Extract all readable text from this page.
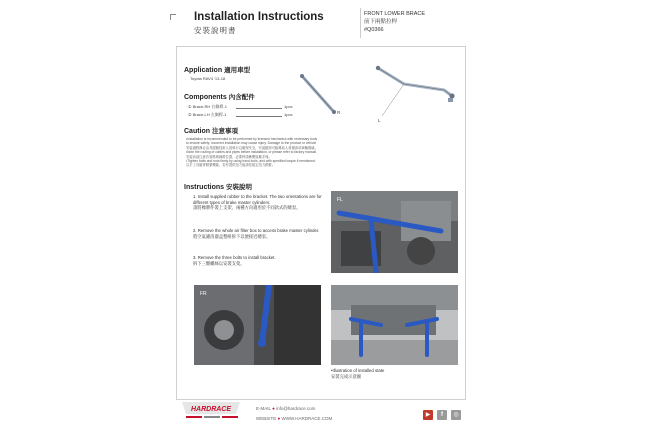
Installation Instructions
安裝說明書
FRONT LOWER BRACE
前下兩點拉桿
#Q0366
Application 適用車型
Toyota RAV4 '13-18
Components 內含配件
① Brace-RH 右側桿-1	1pcs
② Brace-LH 左側桿-1	1pcs	R
L
Caution 注意事項
•Installation is recommended to be performed by licensed mechanics with necessary tools
to ensure safety. Incorrect installation may cause injury. Damage to the product or vehicle
安裝過程務必由具經驗技術人員執行以確保安全，安裝錯誤可能導致人員傷害或車輛損壞。
•Note the routing of cables and pipes before installation, or please refer to factory manual.
安裝前請注意各管路與線路位置，必要時請參閱原廠手冊。
•Tighten bolts and nuts firmly by using hand tools, and with specified torque if mentioned.
以手工具確實鎖緊螺絲，若有提供扭力值請依規定扭力鎖緊。
Instructions 安裝說明
1. Install supplied rubber to the bracket. The two orientations are for different types of brake master cylinders.
請將橡膠件裝上支架，兩種方向適用於不同款式的總泵。
2. Remove the whole air filter box to access brake master cylinder.
將空氣濾清器盒整組拆下以便接近總泵。
3. Remove the three bolts to install bracket.
拆下三顆螺絲以安裝支架。
FL
FR
•Illustration of installed state
安裝完成示意圖
HARDRACE	E-MAIL ● info@hardrace.com
WEBSITE ● WWW.HARDRACE.COM
▶	f	◎
